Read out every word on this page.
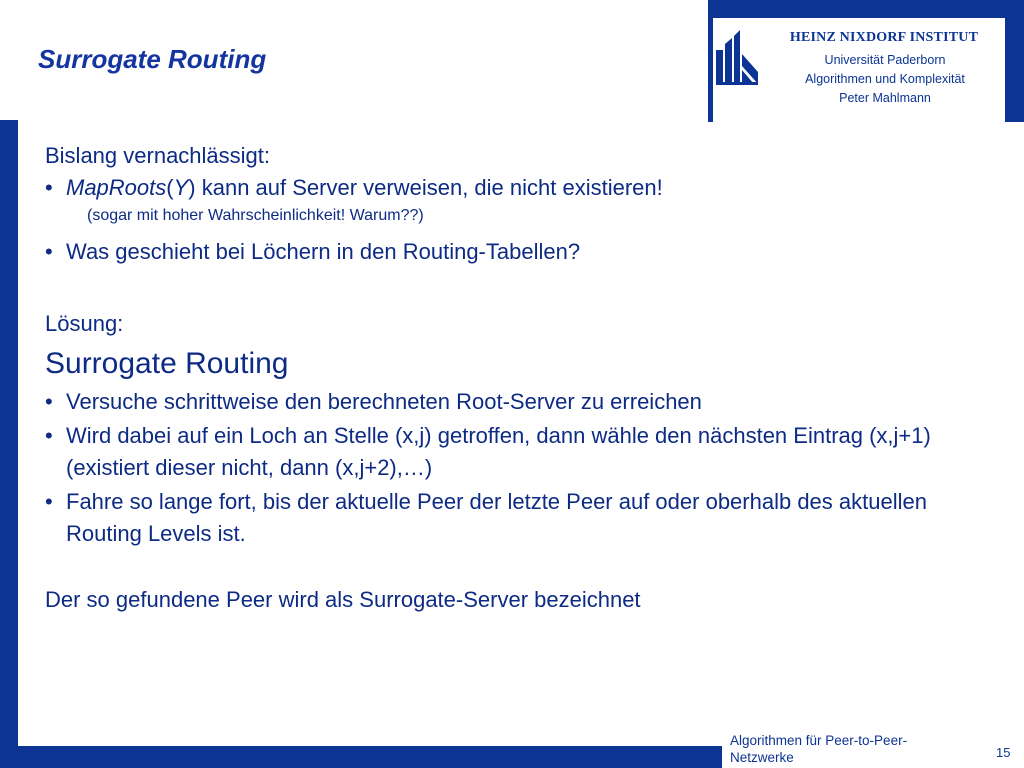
Surrogate Routing
HEINZ NIXDORF INSTITUT
Universität Paderborn
Algorithmen und Komplexität
Peter Mahlmann

Bislang vernachlässigt:

• MapRoots(Y) kann auf Server verweisen, die nicht existieren!
(sogar mit hoher Wahrscheinlichkeit! Warum??)
• Was geschieht bei Löchern in den Routing-Tabellen?

Lösung:

Surrogate Routing
• Versuche schrittweise den berechneten Root-Server zu erreichen
• Wird dabei auf ein Loch an Stelle (x,j) getroffen, dann wähle den nächsten Eintrag (x,j+1) (existiert dieser nicht, dann (x,j+2),…)
• Fahre so lange fort, bis der aktuelle Peer der letzte Peer auf oder oberhalb des aktuellen Routing Levels ist.

Der so gefundene Peer wird als Surrogate-Server bezeichnet

Algorithmen für Peer-to-Peer-Netzwerke	15
